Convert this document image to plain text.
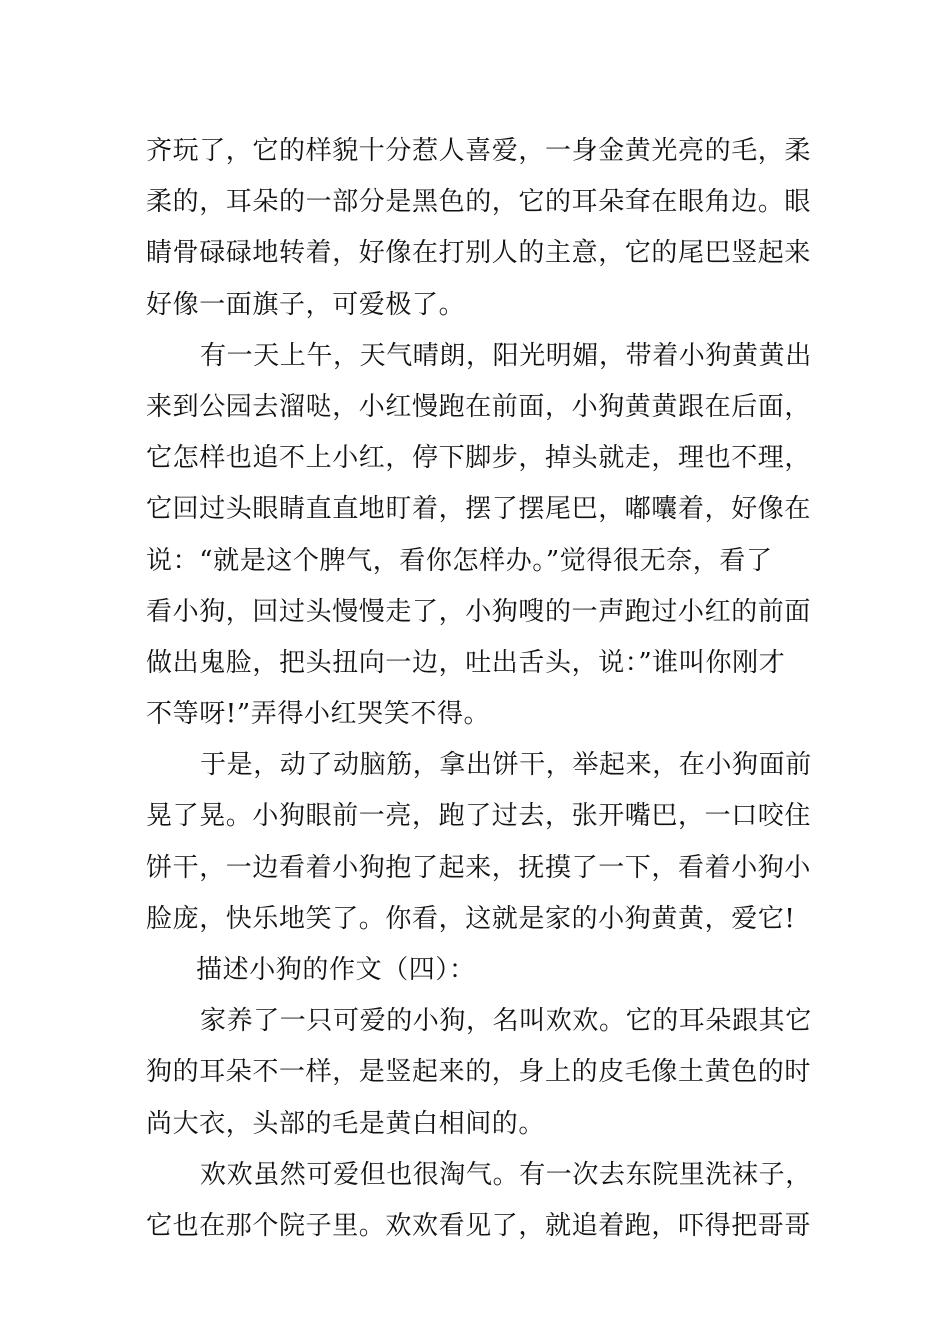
齐玩了，它的样貌十分惹人喜爱，一身金黄光亮的毛，柔
柔的，耳朵的一部分是黑色的，它的耳朵耷在眼角边。眼
睛骨碌碌地转着，好像在打别人的主意，它的尾巴竖起来
好像一面旗子，可爱极了。
有一天上午，天气晴朗，阳光明媚，带着小狗黄黄出
来到公园去溜哒，小红慢跑在前面，小狗黄黄跟在后面，
它怎样也追不上小红，停下脚步，掉头就走，理也不理，
它回过头眼睛直直地盯着，摆了摆尾巴，嘟囔着，好像在
说：“就是这个脾气，看你怎样办。”觉得很无奈，看了
看小狗，回过头慢慢走了，小狗嗖的一声跑过小红的前面
做出鬼脸，把头扭向一边，吐出舌头，说：”谁叫你刚才
不等呀!”弄得小红哭笑不得。
于是，动了动脑筋，拿出饼干，举起来，在小狗面前
晃了晃。小狗眼前一亮，跑了过去，张开嘴巴，一口咬住
饼干，一边看着小狗抱了起来，抚摸了一下，看着小狗小
脸庞，快乐地笑了。你看，这就是家的小狗黄黄，爱它!
描述小狗的作文（四）：
家养了一只可爱的小狗，名叫欢欢。它的耳朵跟其它
狗的耳朵不一样，是竖起来的，身上的皮毛像土黄色的时
尚大衣，头部的毛是黄白相间的。
欢欢虽然可爱但也很淘气。有一次去东院里洗袜子，
它也在那个院子里。欢欢看见了，就追着跑，吓得把哥哥
